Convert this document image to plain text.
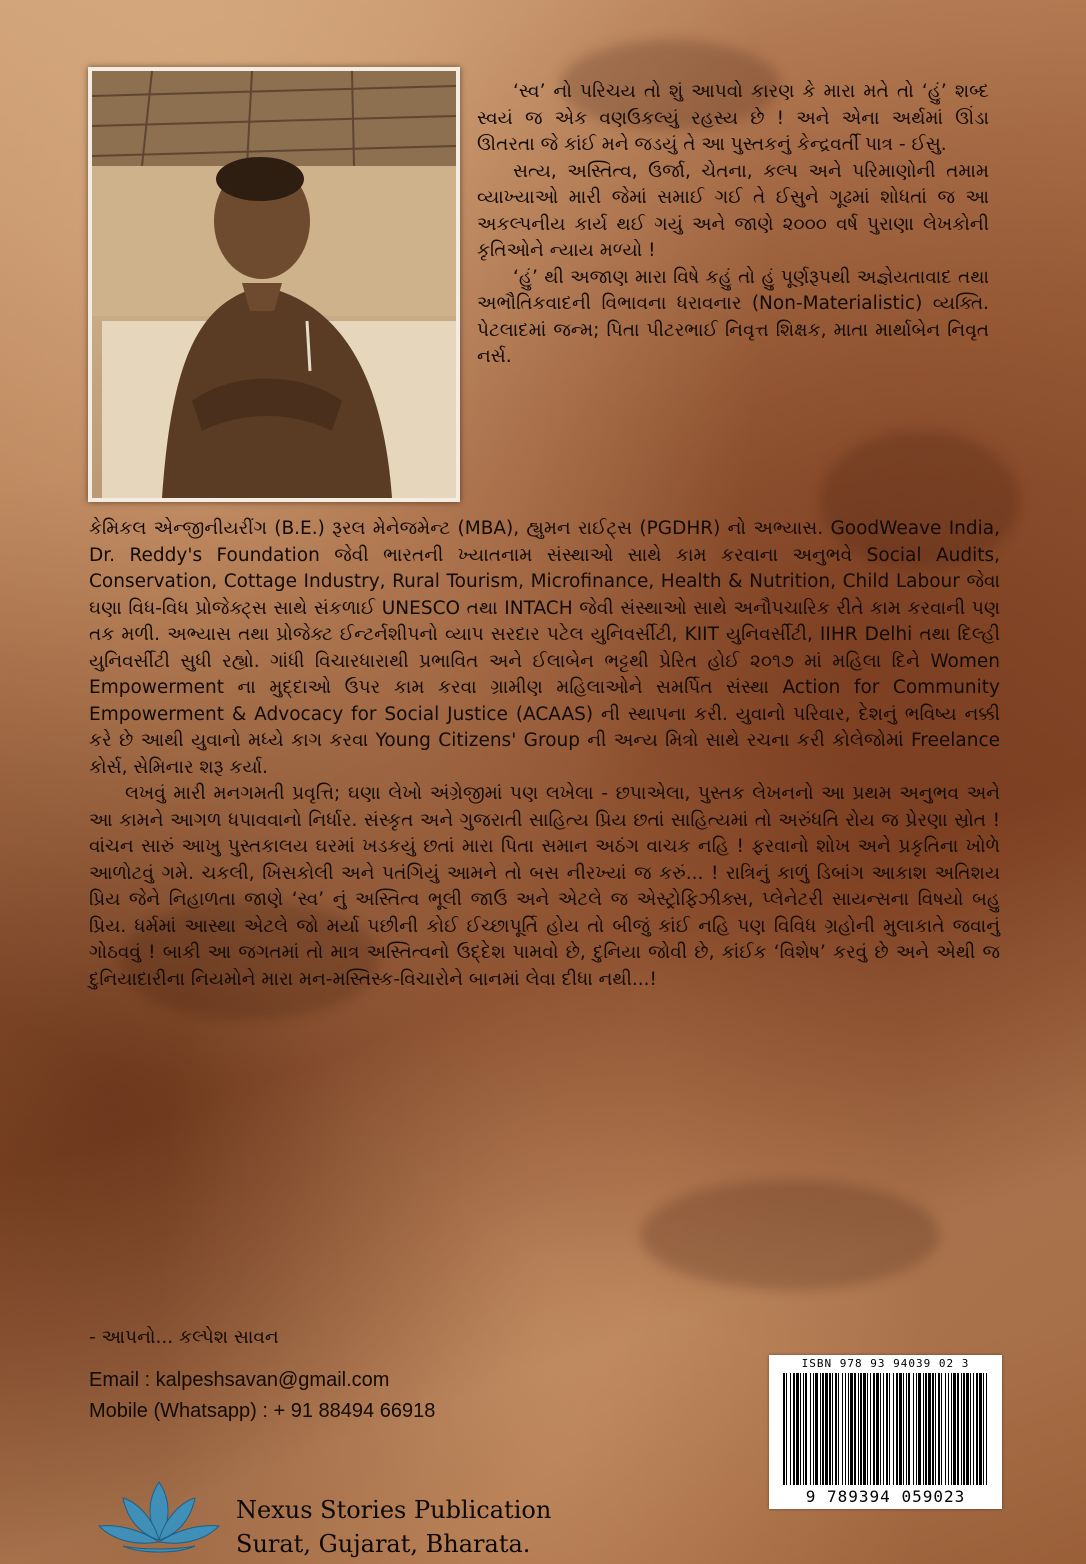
‘સ્વ’ નો પરિચય તો શું આપવો કારણ કે મારા મતે તો ‘હું’ શબ્દ સ્વયં જ એક વણઉકલ્યું રહસ્ય છે ! અને એના અર્થમાં ઊંડા ઊતરતા જે કાંઈ મને જડયું તે આ પુસ્તકનું કેન્દ્રવર્તી પાત્ર - ઈસુ.

સત્ય, અસ્તિત્વ, ઉર્જા, ચેતના, કલ્પ અને પરિમાણોની તમામ વ્યાખ્યાઓ મારી જેમાં સમાઈ ગઈ તે ઈસુને ગૂઢમાં શોધતાં જ આ અકલ્પનીય કાર્ય થઈ ગયું અને જાણે ૨૦૦૦ વર્ષ પુરાણા લેખકોની કૃતિઓને ન્યાય મળ્યો !

‘હું’ થી અજાણ મારા વિષે કહું તો હું પૂર્ણરૂપથી અજ્ઞેયતાવાદ તથા અભૌતિકવાદની વિભાવના ધરાવનાર (Non-Materialistic) વ્યક્તિ. પેટલાદમાં જન્મ; પિતા પીટરભાઈ નિવૃત્ત શિક્ષક, માતા માર્થાબેન નિવૃત નર્સ.

કેમિકલ એન્જીનીયરીંગ (B.E.) રૂરલ મેનેજમેન્ટ (MBA), હ્યુમન રાઈટ્સ (PGDHR) નો અભ્યાસ. GoodWeave India, Dr. Reddy's Foundation જેવી ભારતની ખ્યાતનામ સંસ્થાઓ સાથે કામ કરવાના અનુભવે Social Audits, Conservation, Cottage Industry, Rural Tourism, Microfinance, Health & Nutrition, Child Labour જેવા ઘણા વિધ-વિધ પ્રોજેક્ટ્સ સાથે સંકળાઈ UNESCO તથા INTACH જેવી સંસ્થાઓ સાથે અનૌપચારિક રીતે કામ કરવાની પણ તક મળી. અભ્યાસ તથા પ્રોજેક્ટ ઈન્ટર્નશીપનો વ્યાપ સરદાર પટેલ યુનિવર્સીટી, KIIT યુનિવર્સીટી, IIHR Delhi તથા દિલ્હી યુનિવર્સીટી સુધી રહ્યો. ગાંધી વિચારધારાથી પ્રભાવિત અને ઈલાબેન ભટ્ટથી પ્રેરિત હોઈ ૨૦૧૭ માં મહિલા દિને Women Empowerment ના મુદ્દાઓ ઉપર કામ કરવા ગ્રામીણ મહિલાઓને સમર્પિત સંસ્થા Action for Community Empowerment & Advocacy for Social Justice (ACAAS) ની સ્થાપના કરી. યુવાનો પરિવાર, દેશનું ભવિષ્ય નક્કી કરે છે આથી યુવાનો મધ્યે કાગ કરવા Young Citizens' Group ની અન્ય મિત્રો સાથે રચના કરી કોલેજોમાં Freelance કોર્સ, સેમિનાર શરૂ કર્યા.

લખવું મારી મનગમતી પ્રવૃત્તિ; ઘણા લેખો અંગ્રેજીમાં પણ લખેલા - છપાએલા, પુસ્તક લેખનનો આ પ્રથમ અનુભવ અને આ કામને આગળ ધપાવવાનો નિર્ધાર. સંસ્કૃત અને ગુજરાતી સાહિત્ય પ્રિય છતાં સાહિત્યમાં તો અરુંધતિ રોય જ પ્રેરણા સ્રોત ! વાંચન સારું આખુ પુસ્તકાલય ઘરમાં ખડકયું છતાં મારા પિતા સમાન અઠંગ વાચક નહિ ! ફરવાનો શોખ અને પ્રકૃતિના ખોળે આળોટવું ગમે. ચકલી, ખિસકોલી અને પતંગિયું આમને તો બસ નીરખ્યાં જ કરું... ! રાત્રિનું કાળું ડિબાંગ આકાશ અતિશય પ્રિય જેને નિહાળતા જાણે ‘સ્વ’ નું અસ્તિત્વ ભૂલી જાઉ અને એટલે જ એસ્ટ્રોફિઝીક્સ, પ્લેનેટરી સાયન્સના વિષયો બહુ પ્રિય. ધર્મમાં આસ્થા એટલે જો મર્યા પછીની કોઈ ઈચ્છાપૂર્તિ હોય તો બીજું કાંઈ નહિ પણ વિવિધ ગ્રહોની મુલાકાતે જવાનું ગોઠવવું ! બાકી આ જગતમાં તો માત્ર અસ્તિત્વનો ઉદ્દેશ પામવો છે, દુનિયા જોવી છે, કાંઈક ‘વિશેષ’ કરવું છે અને એથી જ દુનિયાદારીના નિયમોને મારા મન-મસ્તિસ્ક-વિચારોને બાનમાં લેવા દીધા નથી...!

- આપનો... કલ્પેશ સાવન
Email : kalpeshsavan@gmail.com
Mobile (Whatsapp) : + 91 88494 66918
ISBN 978 93 94039 02 3
9 789394 059023
Nexus Stories Publication
Surat, Gujarat, Bharata.
